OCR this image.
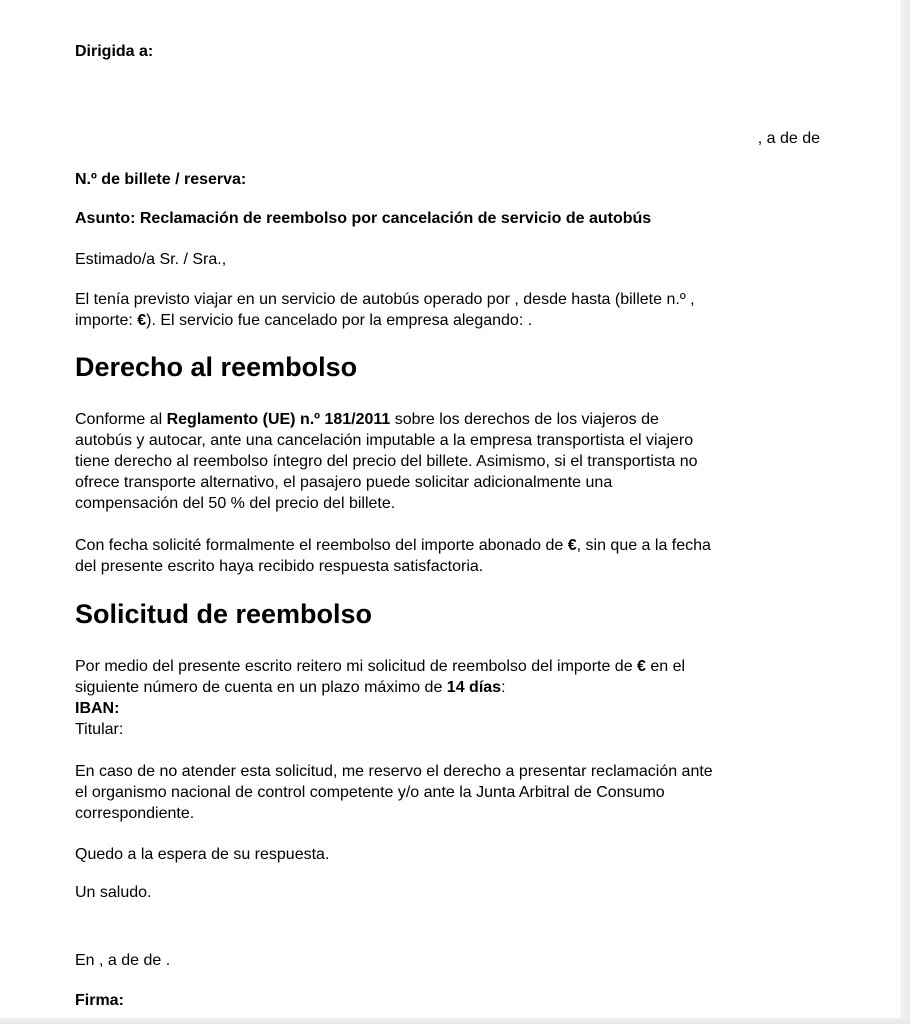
Dirigida a:

, a de de

N.º de billete / reserva:

Asunto: Reclamación de reembolso por cancelación de servicio de autobús

Estimado/a Sr. / Sra.,

El tenía previsto viajar en un servicio de autobús operado por , desde hasta (billete n.º ,
importe: €). El servicio fue cancelado por la empresa alegando: .

Derecho al reembolso

Conforme al Reglamento (UE) n.º 181/2011 sobre los derechos de los viajeros de
autobús y autocar, ante una cancelación imputable a la empresa transportista el viajero
tiene derecho al reembolso íntegro del precio del billete. Asimismo, si el transportista no
ofrece transporte alternativo, el pasajero puede solicitar adicionalmente una
compensación del 50 % del precio del billete.

Con fecha solicité formalmente el reembolso del importe abonado de €, sin que a la fecha
del presente escrito haya recibido respuesta satisfactoria.

Solicitud de reembolso

Por medio del presente escrito reitero mi solicitud de reembolso del importe de € en el
siguiente número de cuenta en un plazo máximo de 14 días:
IBAN:
Titular:

En caso de no atender esta solicitud, me reservo el derecho a presentar reclamación ante
el organismo nacional de control competente y/o ante la Junta Arbitral de Consumo
correspondiente.

Quedo a la espera de su respuesta.

Un saludo.

En , a de de .

Firma:
